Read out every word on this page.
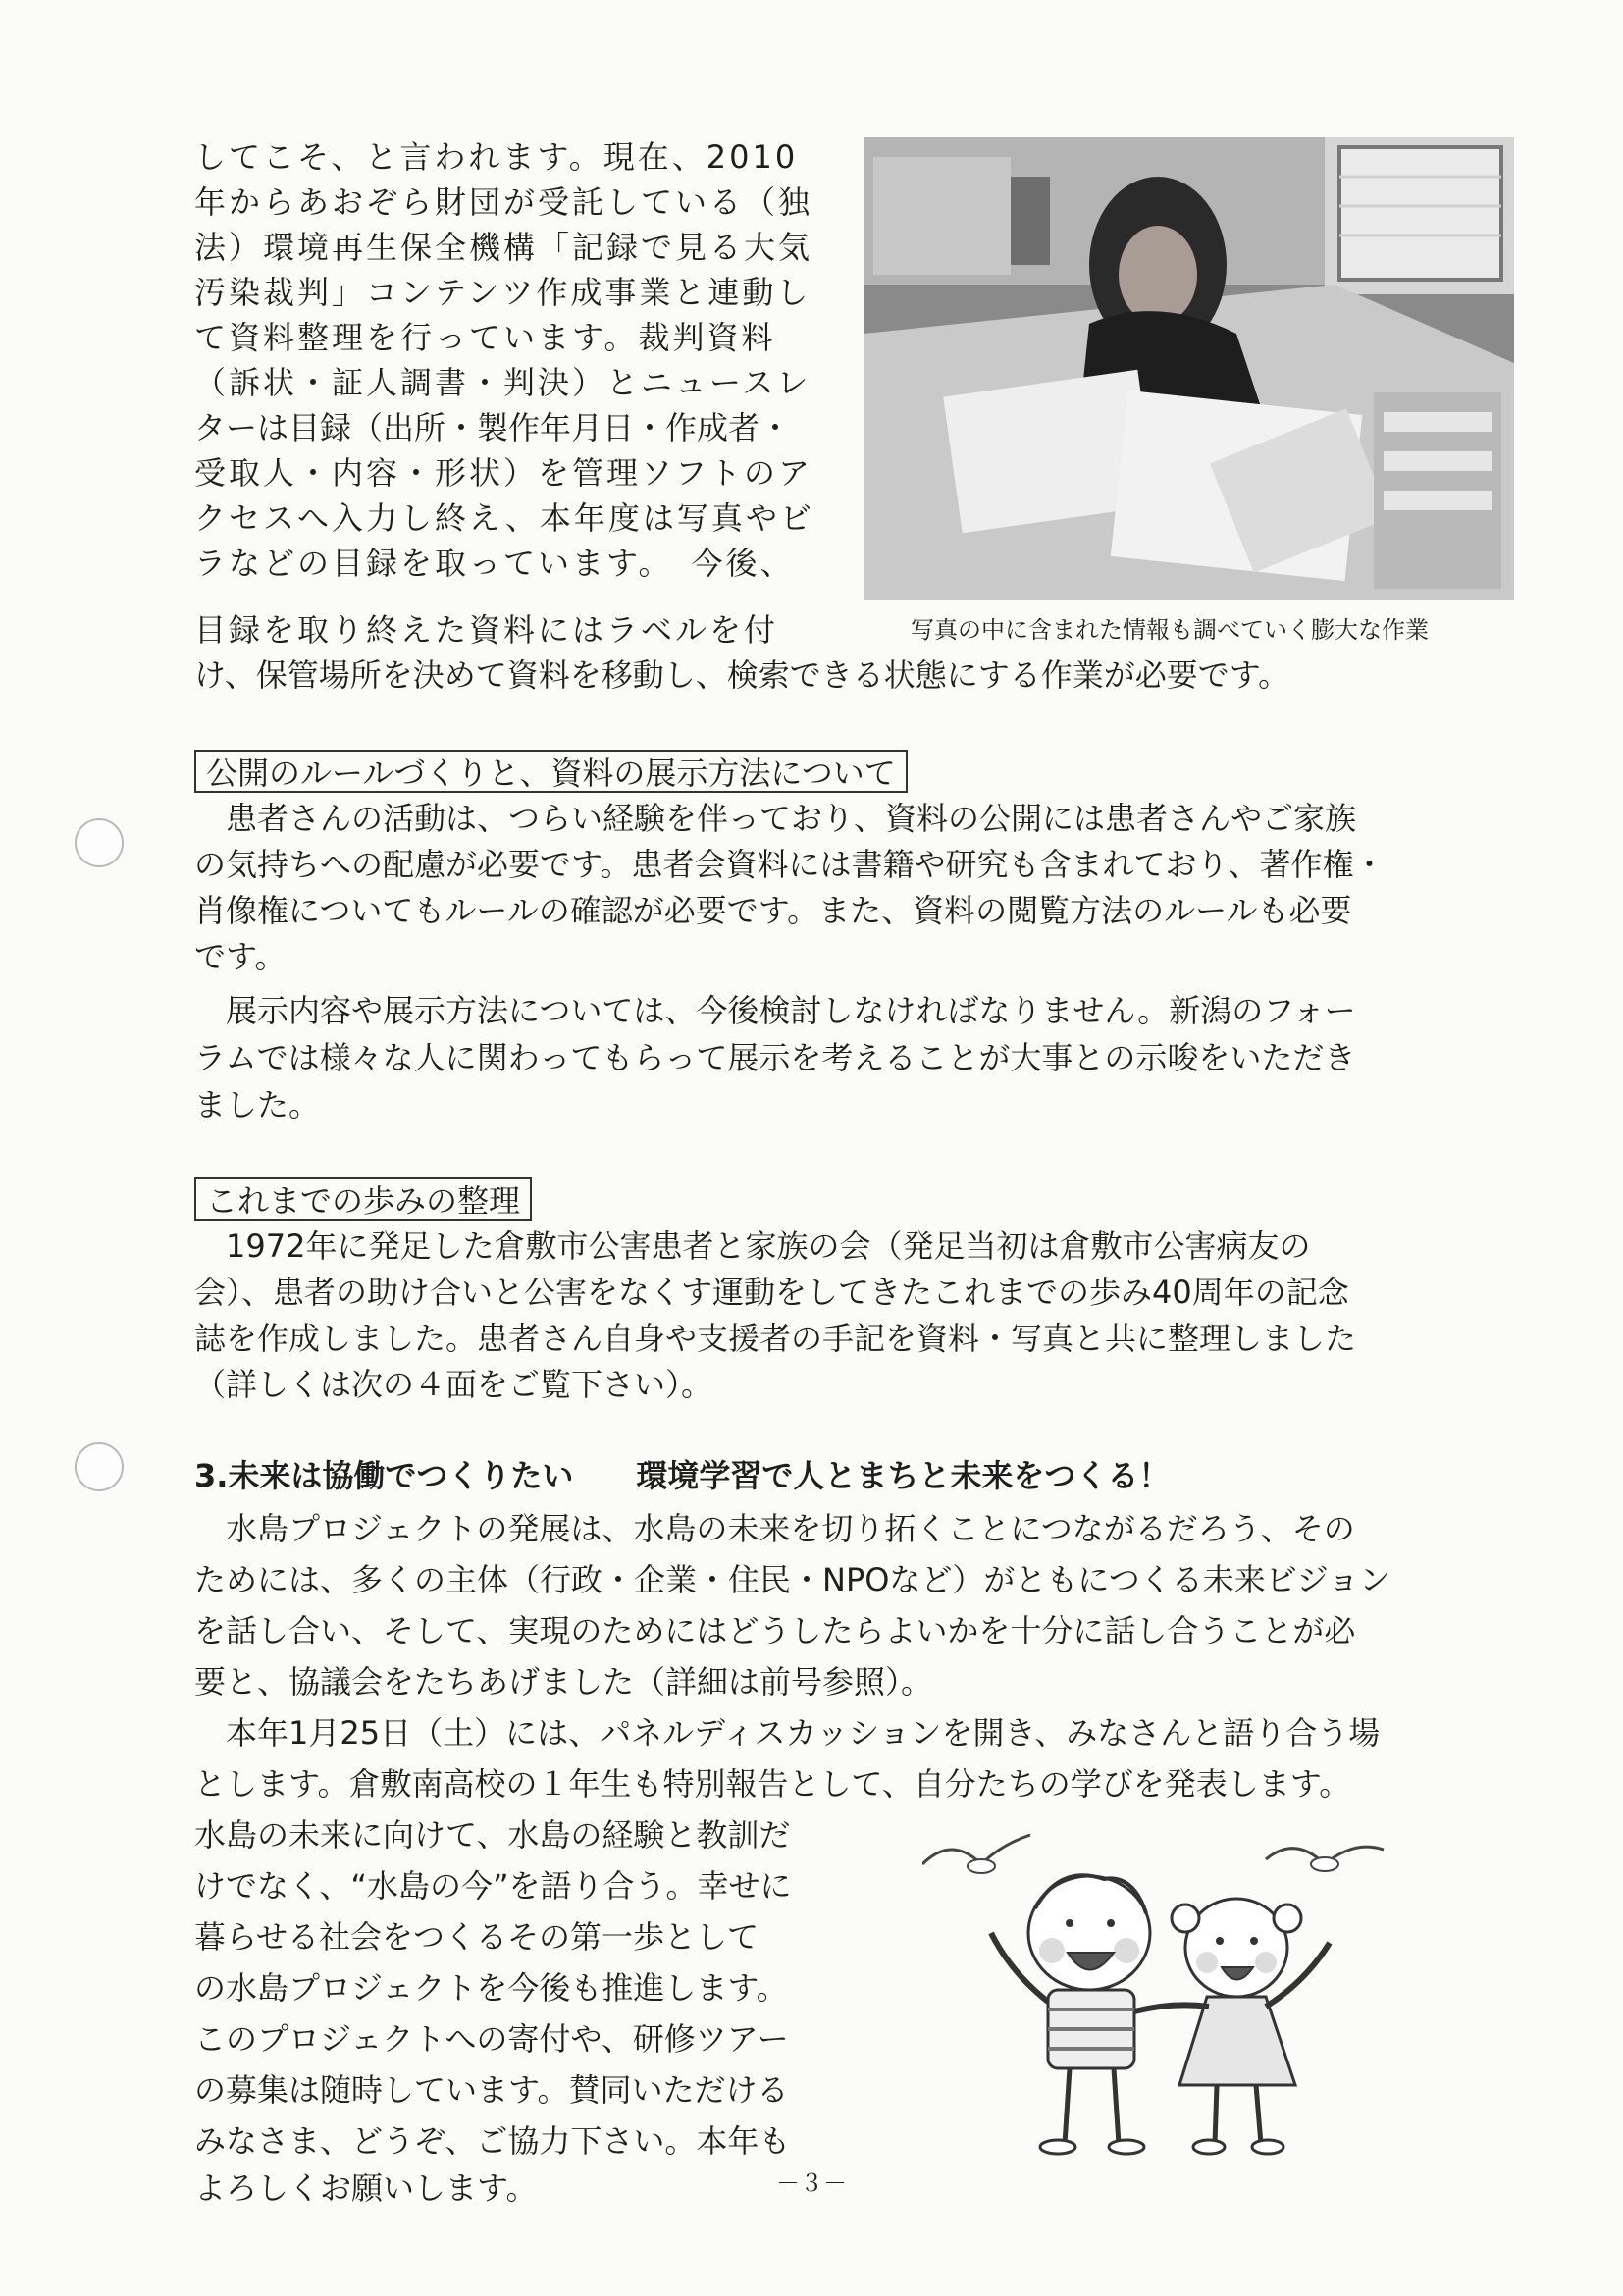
してこそ、と言われます。現在、2010
年からあおぞら財団が受託している（独
法）環境再生保全機構「記録で見る大気
汚染裁判」コンテンツ作成事業と連動し
て資料整理を行っています。裁判資料
（訴状・証人調書・判決）とニュースレ
ターは目録（出所・製作年月日・作成者・
受取人・内容・形状）を管理ソフトのア
クセスへ入力し終え、本年度は写真やビ
ラなどの目録を取っています。　今後、
目録を取り終えた資料にはラベルを付
け、保管場所を決めて資料を移動し、検索できる状態にする作業が必要です。
写真の中に含まれた情報も調べていく膨大な作業
公開のルールづくりと、資料の展示方法について
　患者さんの活動は、つらい経験を伴っており、資料の公開には患者さんやご家族
の気持ちへの配慮が必要です。患者会資料には書籍や研究も含まれており、著作権・
肖像権についてもルールの確認が必要です。また、資料の閲覧方法のルールも必要
です。
　展示内容や展示方法については、今後検討しなければなりません。新潟のフォー
ラムでは様々な人に関わってもらって展示を考えることが大事との示唆をいただき
ました。
これまでの歩みの整理
　1972年に発足した倉敷市公害患者と家族の会（発足当初は倉敷市公害病友の
会）、患者の助け合いと公害をなくす運動をしてきたこれまでの歩み40周年の記念
誌を作成しました。患者さん自身や支援者の手記を資料・写真と共に整理しました
（詳しくは次の４面をご覧下さい）。
3.未来は協働でつくりたい　　環境学習で人とまちと未来をつくる！
　水島プロジェクトの発展は、水島の未来を切り拓くことにつながるだろう、その
ためには、多くの主体（行政・企業・住民・NPOなど）がともにつくる未来ビジョン
を話し合い、そして、実現のためにはどうしたらよいかを十分に話し合うことが必
要と、協議会をたちあげました（詳細は前号参照）。
　本年1月25日（土）には、パネルディスカッションを開き、みなさんと語り合う場
とします。倉敷南高校の１年生も特別報告として、自分たちの学びを発表します。
水島の未来に向けて、水島の経験と教訓だ
けでなく、“水島の今”を語り合う。幸せに
暮らせる社会をつくるその第一歩として
の水島プロジェクトを今後も推進します。
このプロジェクトへの寄付や、研修ツアー
の募集は随時しています。賛同いただける
みなさま、どうぞ、ご協力下さい。本年も
よろしくお願いします。	－３－
